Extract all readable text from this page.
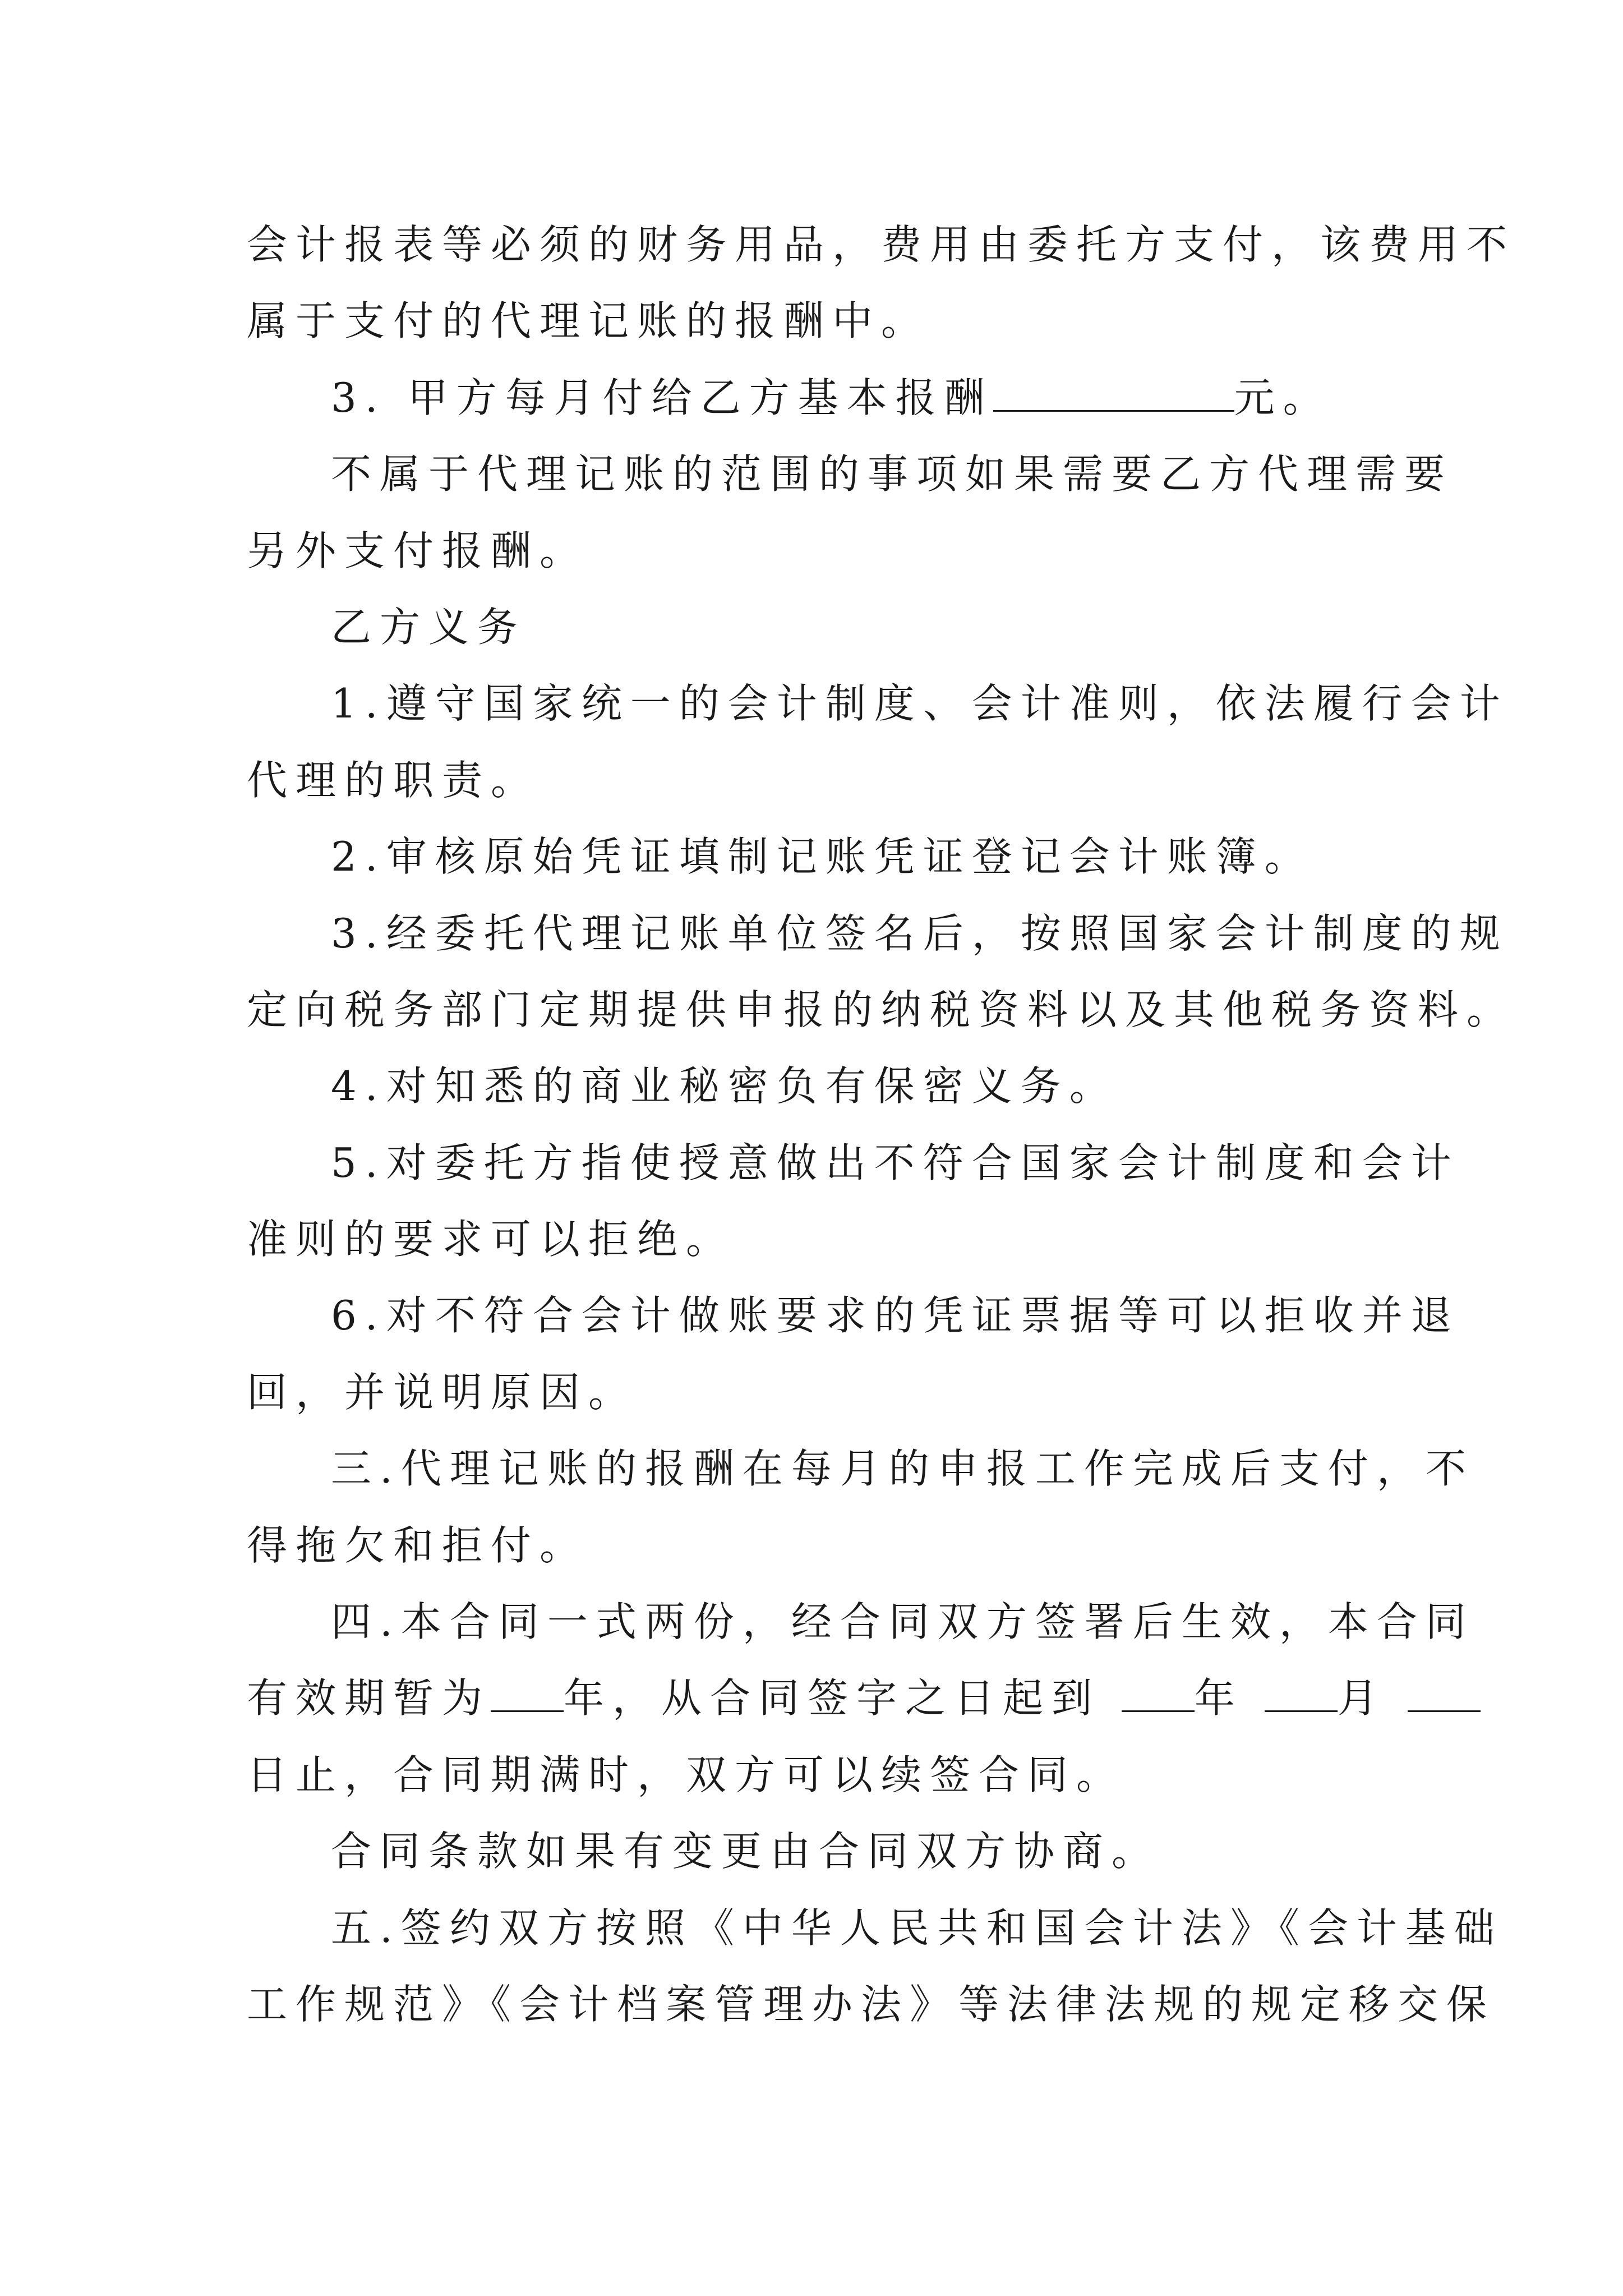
会计报表等必须的财务用品，费用由委托方支付，该费用不
属于支付的代理记账的报酬中。
3. 甲方每月付给乙方基本报酬	元。
不属于代理记账的范围的事项如果需要乙方代理需要
另外支付报酬。
乙方义务
1.遵守国家统一的会计制度、会计准则，依法履行会计
代理的职责。
2.审核原始凭证填制记账凭证登记会计账簿。
3.经委托代理记账单位签名后，按照国家会计制度的规
定向税务部门定期提供申报的纳税资料以及其他税务资料。
4.对知悉的商业秘密负有保密义务。
5.对委托方指使授意做出不符合国家会计制度和会计
准则的要求可以拒绝。
6.对不符合会计做账要求的凭证票据等可以拒收并退
回，并说明原因。
三.代理记账的报酬在每月的申报工作完成后支付，不
得拖欠和拒付。
四.本合同一式两份，经合同双方签署后生效，本合同
有效期暂为 年，从合同签字之日起到 年 月
日止，合同期满时，双方可以续签合同。
合同条款如果有变更由合同双方协商。
五.签约双方按照《中华人民共和国会计法》《会计基础
工作规范》《会计档案管理办法》等法律法规的规定移交保
